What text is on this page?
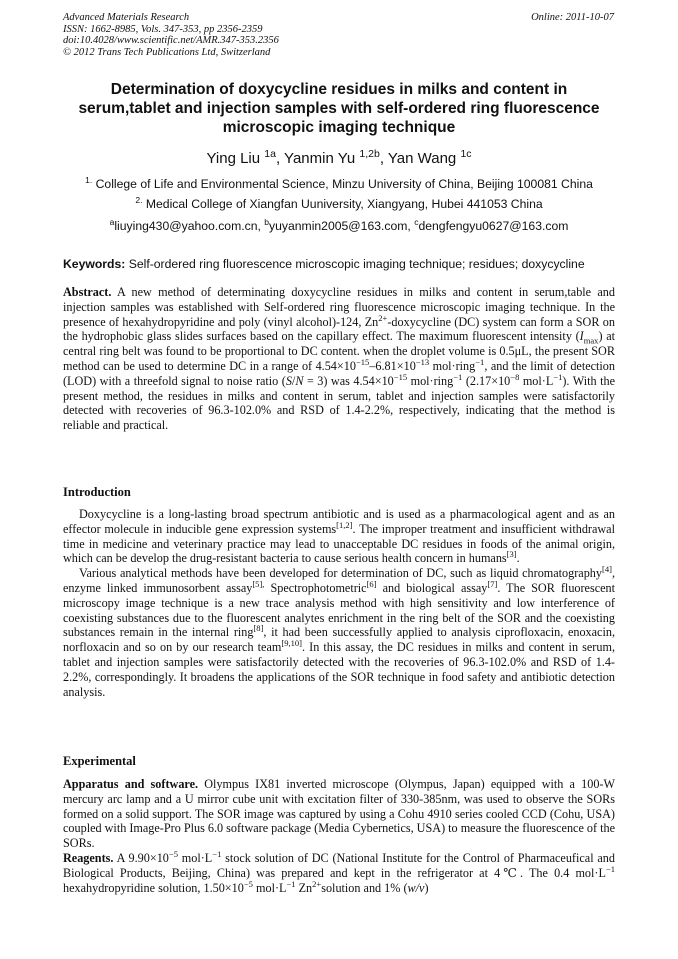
Advanced Materials Research
ISSN: 1662-8985, Vols. 347-353, pp 2356-2359
doi:10.4028/www.scientific.net/AMR.347-353.2356
© 2012 Trans Tech Publications Ltd, Switzerland
Online: 2011-10-07
Determination of doxycycline residues in milks and content in serum,tablet and injection samples with self-ordered ring fluorescence microscopic imaging technique
Ying Liu $^{1a}$, Yanmin Yu $^{1,2b}$, Yan Wang $^{1c}$
$^{1.}$ College of Life and Environmental Science, Minzu University of China, Beijing 100081 China
$^{2.}$ Medical College of Xiangfan Uuniversity, Xiangyang, Hubei 441053 China
$^a$liuying430@yahoo.com.cn, $^b$yuyanmin2005@163.com, $^c$dengfengyu0627@163.com
Keywords: Self-ordered ring fluorescence microscopic imaging technique; residues; doxycycline

Abstract. A new method of determinating doxycycline residues in milks and content in serum,table and injection samples was established with Self-ordered ring fluorescence microscopic imaging technique. In the presence of hexahydropyridine and poly (vinyl alcohol)-124, $Zn^{2+}$-doxycycline (DC) system can form a SOR on the hydrophobic glass slides surfaces based on the capillary effect. The maximum fluorescent intensity $(I_{max})$ at central ring belt was found to be proportional to DC content. when the droplet volume is 0.5μL, the present SOR method can be used to determine DC in a range of $4.54\times 10^{-15}-6.81\times 10^{-13}$ mol·ring$^{-1}$, and the limit of detection (LOD) with a threefold signal to noise ratio (S/N = 3) was $4.54\times 10^{-15}$ mol·ring$^{-1}$ ($2.17\times 10^{-8}$ $mol\cdot L^{-1}$). With the present method, the residues in milks and content in serum, tablet and injection samples were satisfactorily detected with recoveries of 96.3-102.0% and RSD of 1.4-2.2%, respectively, indicating that the method is reliable and practical.

Introduction

Doxycycline is a long-lasting broad spectrum antibiotic and is used as a pharmacological agent and as an effector molecule in inducible gene expression systems[1,2]. The improper treatment and insufficient withdrawal time in medicine and veterinary practice may lead to unacceptable DC residues in foods of the animal origin, which can be develop the drug-resistant bacteria to cause serious health concern in humans[3].

Various analytical methods have been developed for determination of DC, such as liquid chromatography[4], enzyme linked immunosorbent assay$^{[5],}$ Spectrophotometric[6] and biological assay[7]. The SOR fluorescent microscopy image technique is a new trace analysis method with high sensitivity and low interference of coexisting substances due to the fluorescent analytes enrichment in the ring belt of the SOR and the coexisting substances remain in the internal ring[8], it had been successfully applied to analysis ciprofloxacin, enoxacin, norfloxacin and so on by our research team[9,10]. In this assay, the DC residues in milks and content in serum, tablet and injection samples were satisfactorily detected with the recoveries of 96.3-102.0% and RSD of 1.4-2.2%, correspondingly. It broadens the applications of the SOR technique in food safety and antibiotic detection analysis.

Experimental

Apparatus and software. Olympus IX81 inverted microscope (Olympus, Japan) equipped with a 100-W mercury arc lamp and a U mirror cube unit with excitation filter of 330-385nm, was used to observe the SORs formed on a solid support. The SOR image was captured by using a Cohu 4910 series cooled CCD (Cohu, USA) coupled with Image-Pro Plus 6.0 software package (Media Cybernetics, USA) to measure the fluorescence of the SORs.

Reagents. A $9.90\times 10^{-5}$ $mol\cdot L^{-1}$ stock solution of DC (National Institute for the Control of Pharmaceufical and Biological Products, Beijing, China) was prepared and kept in the refrigerator at 4℃. The 0.4 $mol\cdot L^{-1}$ hexahydropyridine solution, $1.50\times 10^{-5}$ $mol\cdot L^{-1}$ $Zn^{2+}solution$ and 1% (w/v)
